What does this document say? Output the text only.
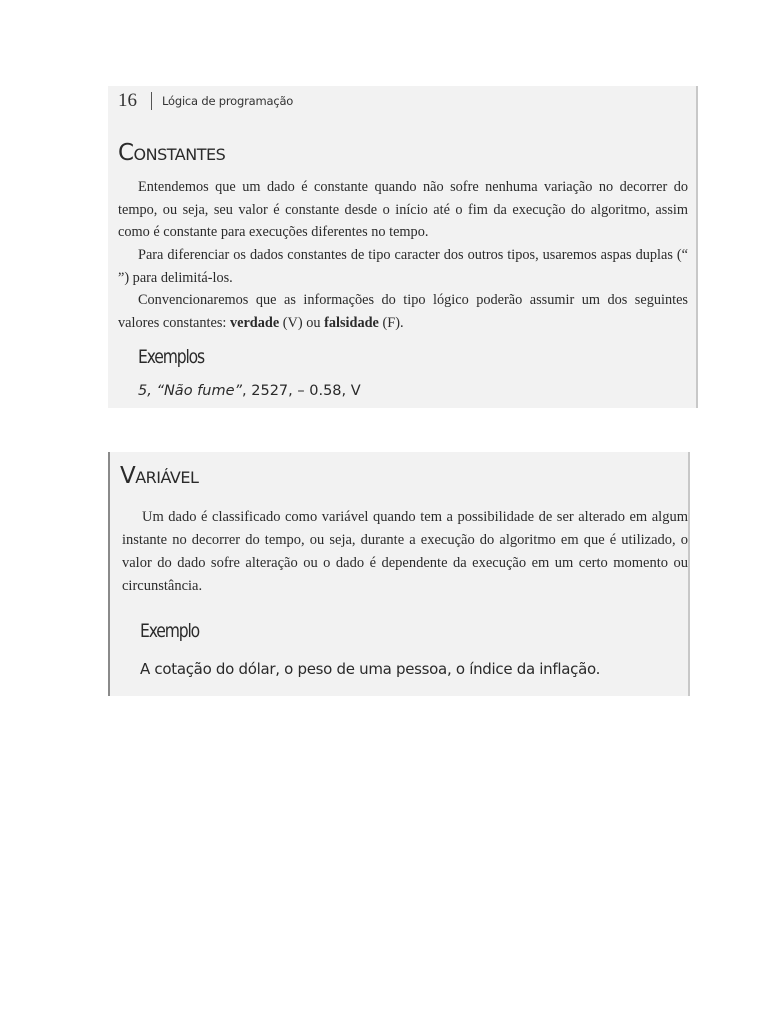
16 Lógica de programação
Constantes

Entendemos que um dado é constante quando não sofre nenhuma variação no decorrer do tempo, ou seja, seu valor é constante desde o início até o fim da execução do algoritmo, assim como é constante para execuções diferentes no tempo.

Para diferenciar os dados constantes de tipo caracter dos outros tipos, usaremos aspas duplas (“ ”) para delimitá-los.

Convencionaremos que as informações do tipo lógico poderão assumir um dos seguintes valores constantes: verdade (V) ou falsidade (F).

Exemplos

5, “Não fume”, 2527, – 0.58, V

Variável

Um dado é classificado como variável quando tem a possibilidade de ser alterado em algum instante no decorrer do tempo, ou seja, durante a execução do algoritmo em que é utilizado, o valor do dado sofre alteração ou o dado é dependente da execução em um certo momento ou circunstância.

Exemplo

A cotação do dólar, o peso de uma pessoa, o índice da inflação.
